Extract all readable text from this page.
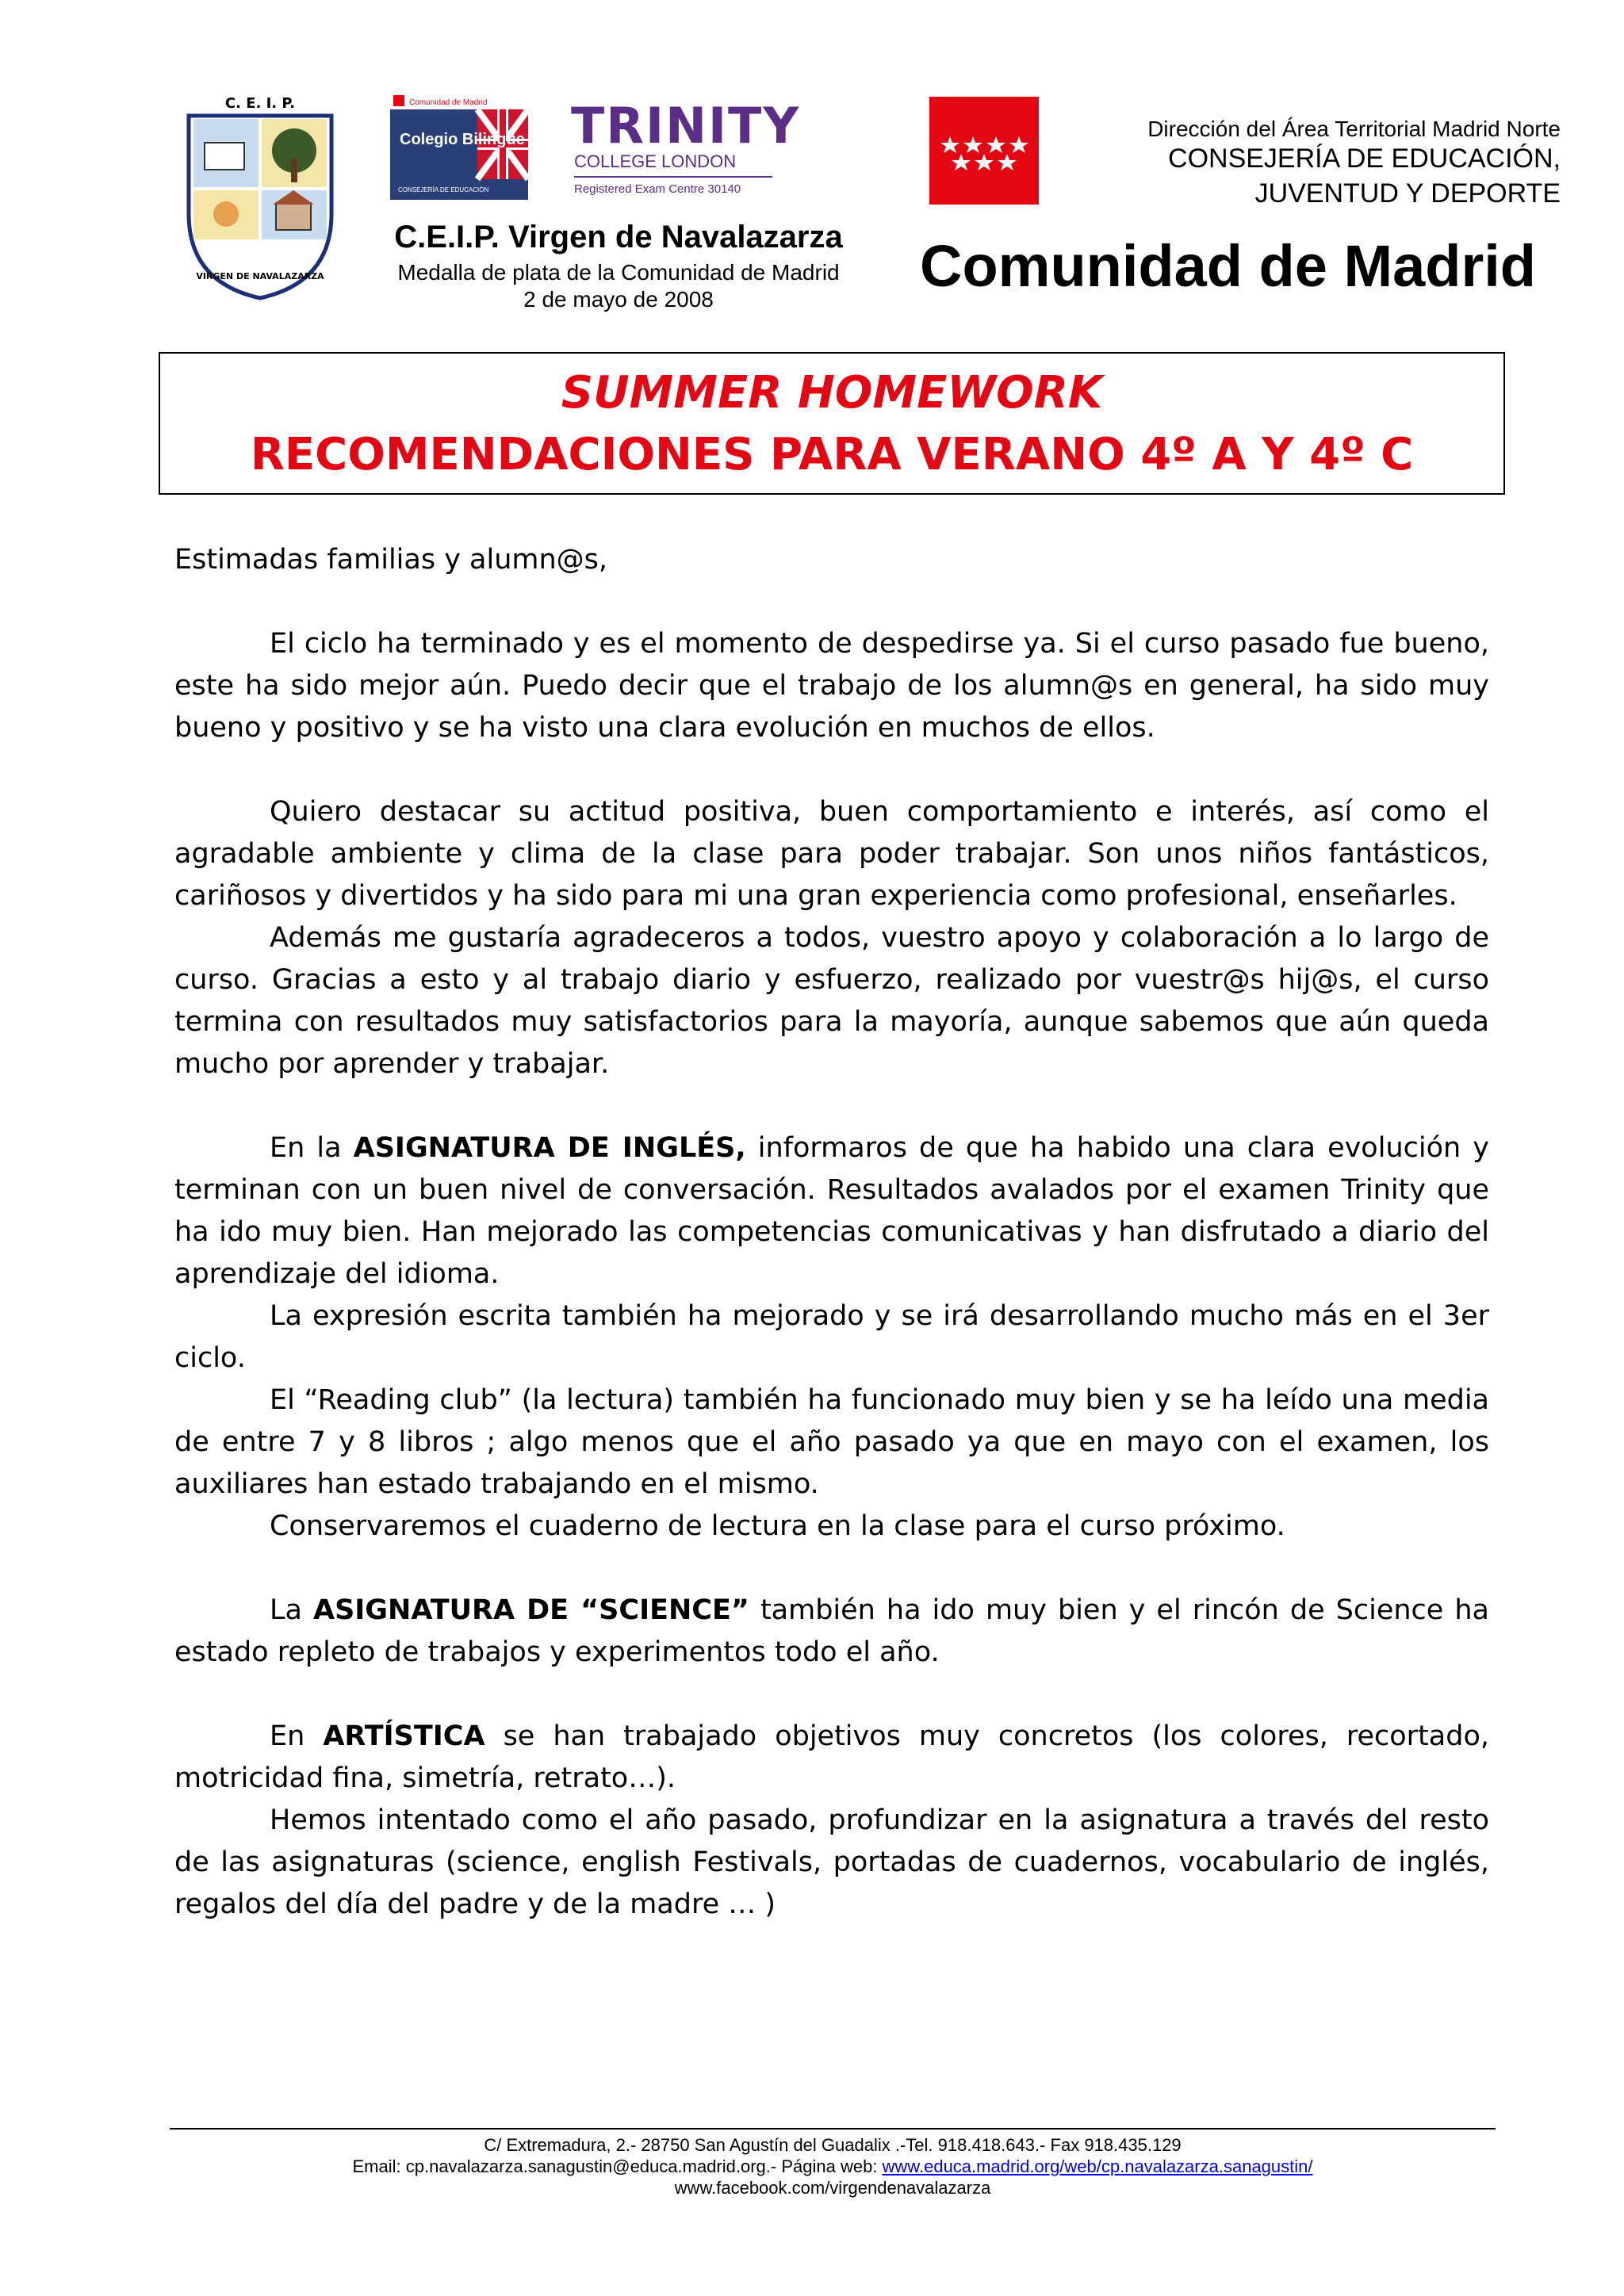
C. E. I. P.
VIRGEN DE NAVALAZARZA
Comunidad de Madrid
Colegio Bilingüe
CONSEJERÍA DE EDUCACIÓN
TRINITY
COLLEGE LONDON
Registered Exam Centre 30140
C.E.I.P. Virgen de Navalazarza
Medalla de plata de la Comunidad de Madrid
2 de mayo de 2008
Dirección del Área Territorial Madrid Norte
CONSEJERÍA DE EDUCACIÓN,
JUVENTUD Y DEPORTE
Comunidad de Madrid
SUMMER HOMEWORK
RECOMENDACIONES PARA VERANO 4º A Y 4º C

Estimadas familias y alumn@s,

El ciclo ha terminado y es el momento de despedirse ya. Si el curso pasado fue bueno, este ha sido mejor aún. Puedo decir que el trabajo de los alumn@s en general, ha sido muy bueno y positivo y se ha visto una clara evolución en muchos de ellos.

Quiero destacar su actitud positiva, buen comportamiento e interés, así como el agradable ambiente y clima de la clase para poder trabajar. Son unos niños fantásticos, cariñosos y divertidos y ha sido para mi una gran experiencia como profesional, enseñarles.

Además me gustaría agradeceros a todos, vuestro apoyo y colaboración a lo largo de curso. Gracias a esto y al trabajo diario y esfuerzo, realizado por vuestr@s hij@s, el curso termina con resultados muy satisfactorios para la mayoría, aunque sabemos que aún queda mucho por aprender y trabajar.

En la ASIGNATURA DE INGLÉS, informaros de que ha habido una clara evolución y terminan con un buen nivel de conversación. Resultados avalados por el examen Trinity que ha ido muy bien. Han mejorado las competencias comunicativas y han disfrutado a diario del aprendizaje del idioma.

La expresión escrita también ha mejorado y se irá desarrollando mucho más en el 3er ciclo.

El “Reading club” (la lectura) también ha funcionado muy bien y se ha leído una media de entre 7 y 8 libros ; algo menos que el año pasado ya que en mayo con el examen, los auxiliares han estado trabajando en el mismo.

Conservaremos el cuaderno de lectura en la clase para el curso próximo.

La ASIGNATURA DE “SCIENCE” también ha ido muy bien y el rincón de Science ha estado repleto de trabajos y experimentos todo el año.

En ARTÍSTICA se han trabajado objetivos muy concretos (los colores, recortado, motricidad fina, simetría, retrato…).

Hemos intentado como el año pasado, profundizar en la asignatura a través del resto de las asignaturas (science, english Festivals, portadas de cuadernos, vocabulario de inglés, regalos del día del padre y de la madre … )

C/ Extremadura, 2.- 28750 San Agustín del Guadalix .-Tel. 918.418.643.- Fax 918.435.129
Email: cp.navalazarza.sanagustin@educa.madrid.org.- Página web: www.educa.madrid.org/web/cp.navalazarza.sanagustin/
www.facebook.com/virgendenavalazarza
